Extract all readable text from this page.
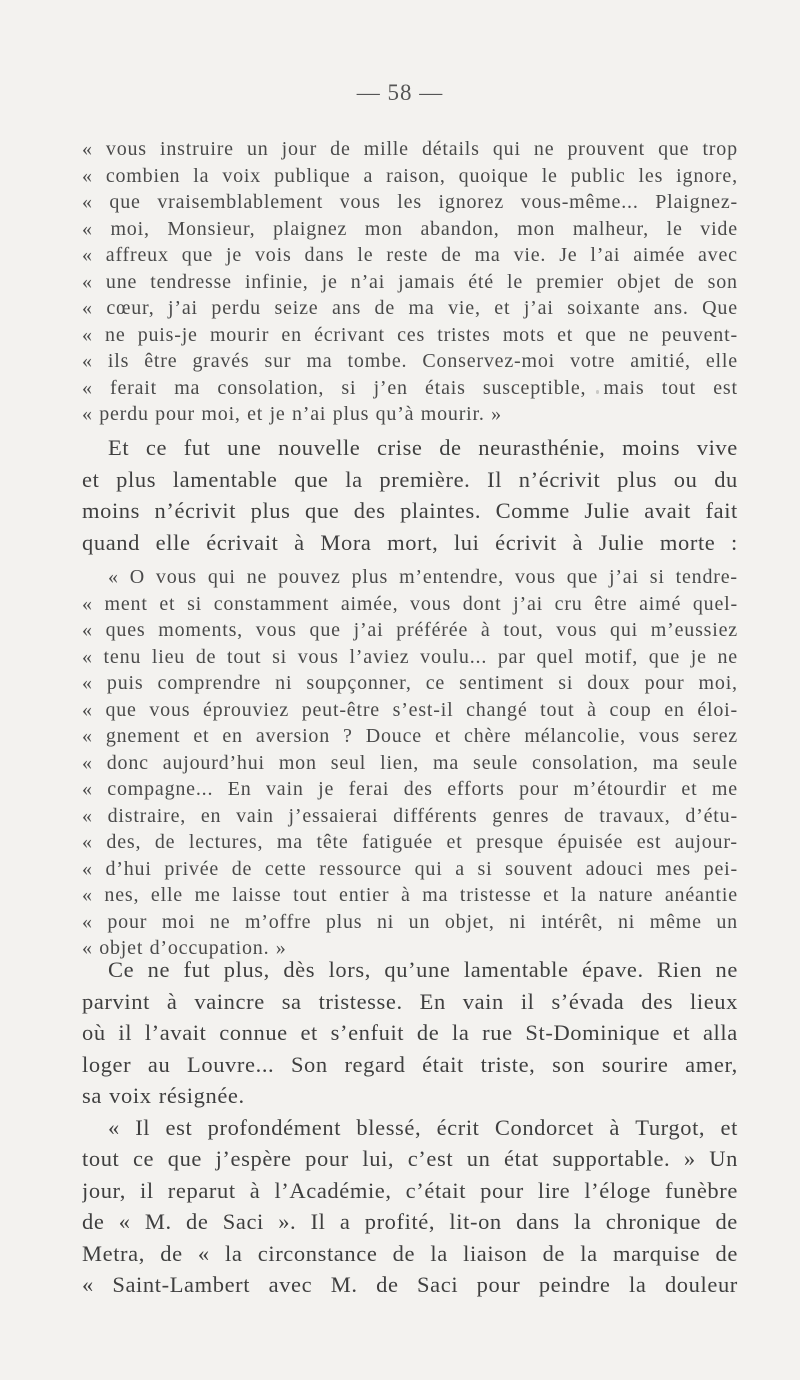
— 58 —
« vous instruire un jour de mille détails qui ne prouvent que trop
« combien la voix publique a raison, quoique le public les ignore,
« que vraisemblablement vous les ignorez vous-même... Plaignez-
« moi, Monsieur, plaignez mon abandon, mon malheur, le vide
« affreux que je vois dans le reste de ma vie. Je l’ai aimée avec
« une tendresse infinie, je n’ai jamais été le premier objet de son
« cœur, j’ai perdu seize ans de ma vie, et j’ai soixante ans. Que
« ne puis-je mourir en écrivant ces tristes mots et que ne peuvent-
« ils être gravés sur ma tombe. Conservez-moi votre amitié, elle
« ferait ma consolation, si j’en étais susceptible, mais tout est
« perdu pour moi, et je n’ai plus qu’à mourir. »
Et ce fut une nouvelle crise de neurasthénie, moins vive
et plus lamentable que la première. Il n’écrivit plus ou du
moins n’écrivit plus que des plaintes. Comme Julie avait fait
quand elle écrivait à Mora mort, lui écrivit à Julie morte :
« O vous qui ne pouvez plus m’entendre, vous que j’ai si tendre-
« ment et si constamment aimée, vous dont j’ai cru être aimé quel-
« ques moments, vous que j’ai préférée à tout, vous qui m’eussiez
« tenu lieu de tout si vous l’aviez voulu... par quel motif, que je ne
« puis comprendre ni soupçonner, ce sentiment si doux pour moi,
« que vous éprouviez peut-être s’est-il changé tout à coup en éloi-
« gnement et en aversion ? Douce et chère mélancolie, vous serez
« donc aujourd’hui mon seul lien, ma seule consolation, ma seule
« compagne... En vain je ferai des efforts pour m’étourdir et me
« distraire, en vain j’essaierai différents genres de travaux, d’étu-
« des, de lectures, ma tête fatiguée et presque épuisée est aujour-
« d’hui privée de cette ressource qui a si souvent adouci mes pei-
« nes, elle me laisse tout entier à ma tristesse et la nature anéantie
« pour moi ne m’offre plus ni un objet, ni intérêt, ni même un
« objet d’occupation. »
Ce ne fut plus, dès lors, qu’une lamentable épave. Rien ne
parvint à vaincre sa tristesse. En vain il s’évada des lieux
où il l’avait connue et s’enfuit de la rue St-Dominique et alla
loger au Louvre... Son regard était triste, son sourire amer,
sa voix résignée.
« Il est profondément blessé, écrit Condorcet à Turgot, et
tout ce que j’espère pour lui, c’est un état supportable. » Un
jour, il reparut à l’Académie, c’était pour lire l’éloge funèbre
de « M. de Saci ». Il a profité, lit-on dans la chronique de
Metra, de « la circonstance de la liaison de la marquise de
« Saint-Lambert avec M. de Saci pour peindre la douleur
